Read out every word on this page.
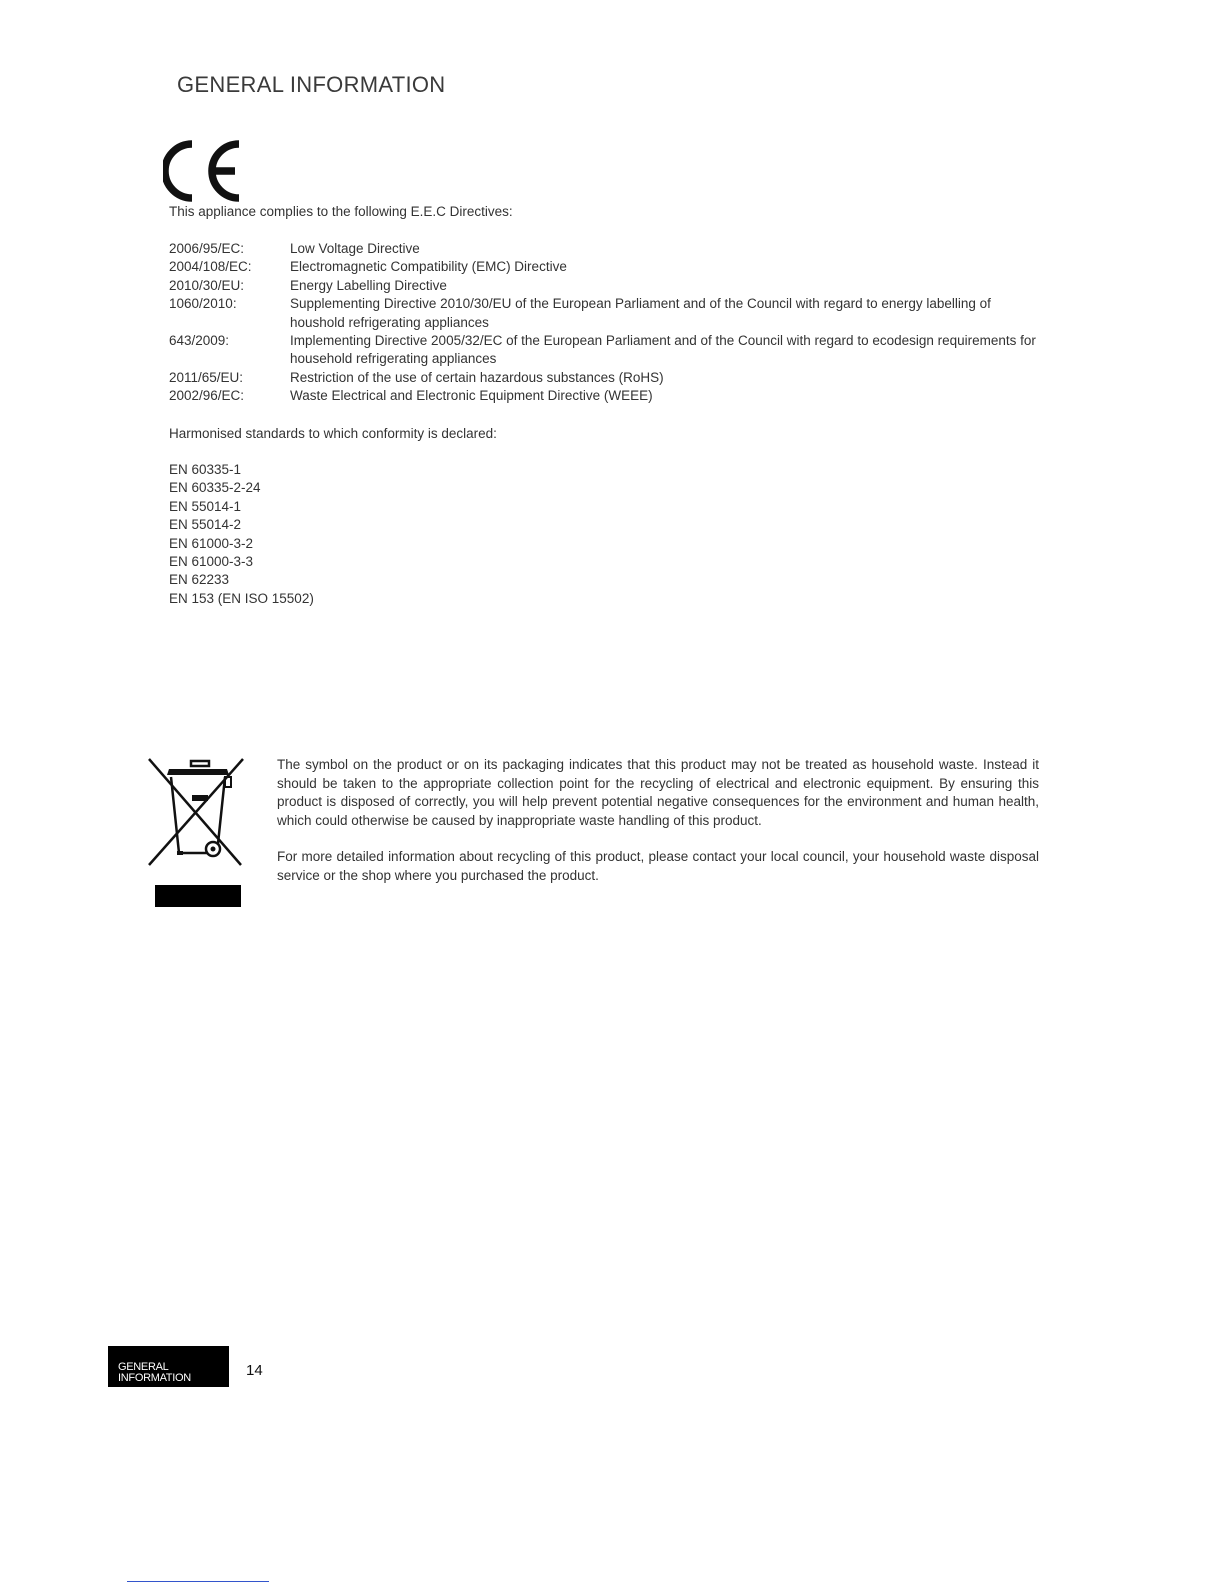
GENERAL INFORMATION
This appliance complies to the following E.E.C Directives:
2006/95/EC:	Low Voltage Directive
2004/108/EC:	Electromagnetic Compatibility (EMC) Directive
2010/30/EU:	Energy Labelling Directive
1060/2010:	Supplementing Directive 2010/30/EU of the European Parliament and of the Council with regard to energy labelling of houshold refrigerating appliances
643/2009:	Implementing Directive 2005/32/EC of the European Parliament and of the Council with regard to ecodesign requirements for household refrigerating appliances
2011/65/EU:	Restriction of the use of certain hazardous substances (RoHS)
2002/96/EC:	Waste Electrical and Electronic Equipment Directive (WEEE)
Harmonised standards to which conformity is declared:
EN 60335-1
EN 60335-2-24
EN 55014-1
EN 55014-2
EN 61000-3-2
EN 61000-3-3
EN 62233
EN 153 (EN ISO 15502)

The symbol on the product or on its packaging indicates that this product may not be treated as household waste. Instead it should be taken to the appropriate collection point for the recycling of electrical and electronic equipment. By ensuring this product is disposed of correctly, you will help prevent potential negative consequences for the environment and human health, which could otherwise be caused by inappropriate waste handling of this product.

For more detailed information about recycling of this product, please contact your local council, your household waste disposal service or the shop where you purchased the product.

GENERAL
INFORMATION	14
